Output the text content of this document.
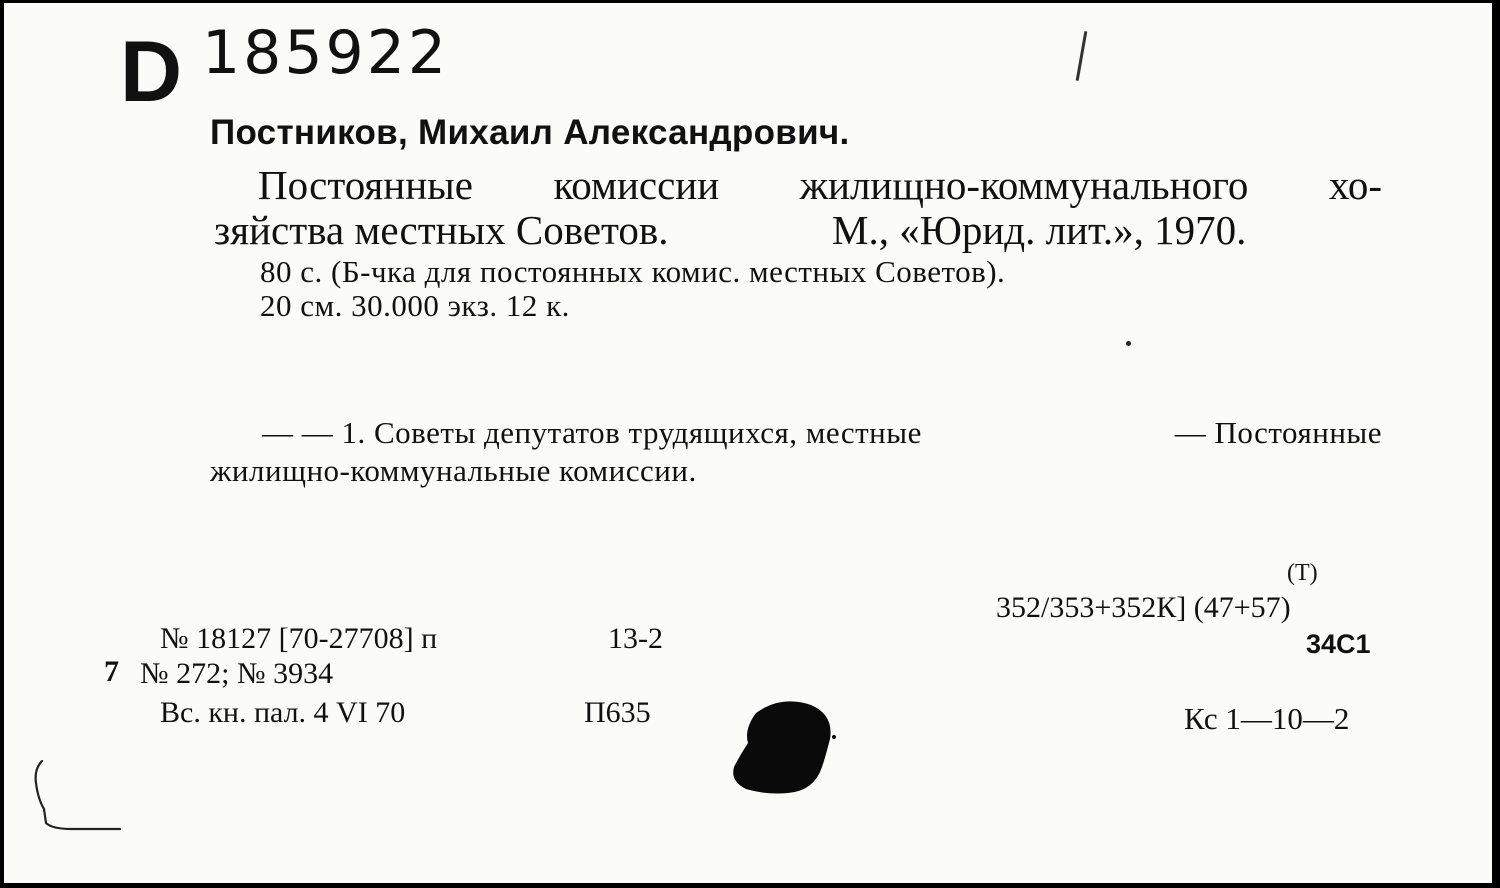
D 185922
Постников, Михаил Александрович.
Постоянные комиссии жилищно-коммунального хо-
зяйства местных Советов.	М., «Юрид. лит.», 1970.
80 с. (Б-чка для постоянных комис. местных Советов).
20 см. 30.000 экз. 12 к.
— — 1. Советы депутатов трудящихся, местные	— Постоянные
жилищно-коммунальные комиссии.
(Т)
352/353+352К] (47+57)
34С1
Кс 1—10—2
№ 18127 [70-27708] п	13-2
7 № 272; № 3934
Вс. кн. пал. 4 VI 70	П635
